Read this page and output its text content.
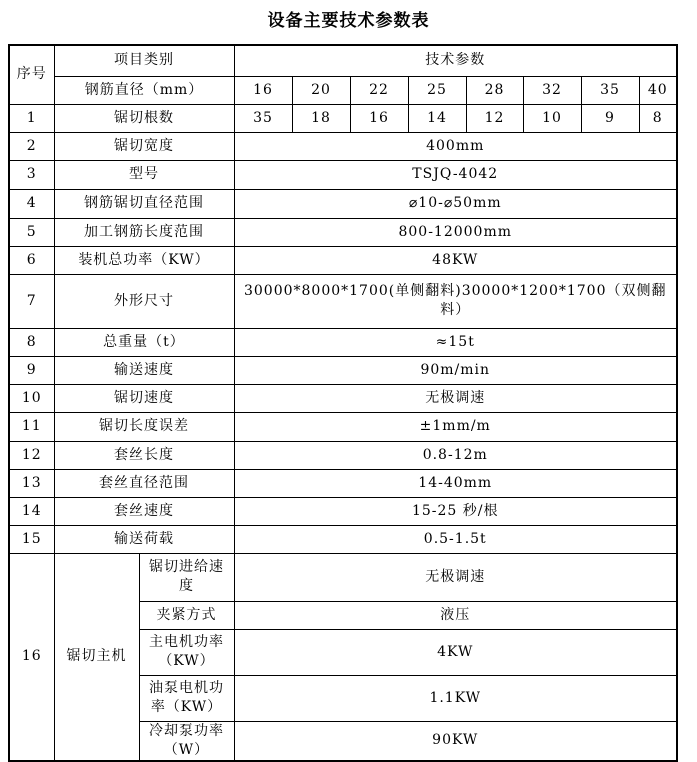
设备主要技术参数表
序号	项目类别		技术参数							
	钢筋直径（mm）		16	20	22	25	28	32	35	40
1	锯切根数		35	18	16	14	12	10	9	8
2	锯切宽度		400mm							
3	型号		TSJQ-4042							
4	钢筋锯切直径范围		⌀10-⌀50mm							
5	加工钢筋长度范围		800-12000mm							
6	装机总功率（KW）		48KW							
7	外形尺寸		30000*8000*1700(单侧翻料)30000*1200*1700（双侧翻料）							
8	总重量（t）		≈15t							
9	输送速度		90m/min							
10	锯切速度		无极调速							
11	锯切长度误差		±1mm/m							
12	套丝长度		0.8-12m							
13	套丝直径范围		14-40mm							
14	套丝速度		15-25 秒/根							
15	输送荷载		0.5-1.5t							
16	锯切主机	锯切进给速度	无极调速							
		夹紧方式	液压							
		主电机功率（KW）	4KW							
		油泵电机功率（KW）	1.1KW							
		冷却泵功率（W）	90KW							
